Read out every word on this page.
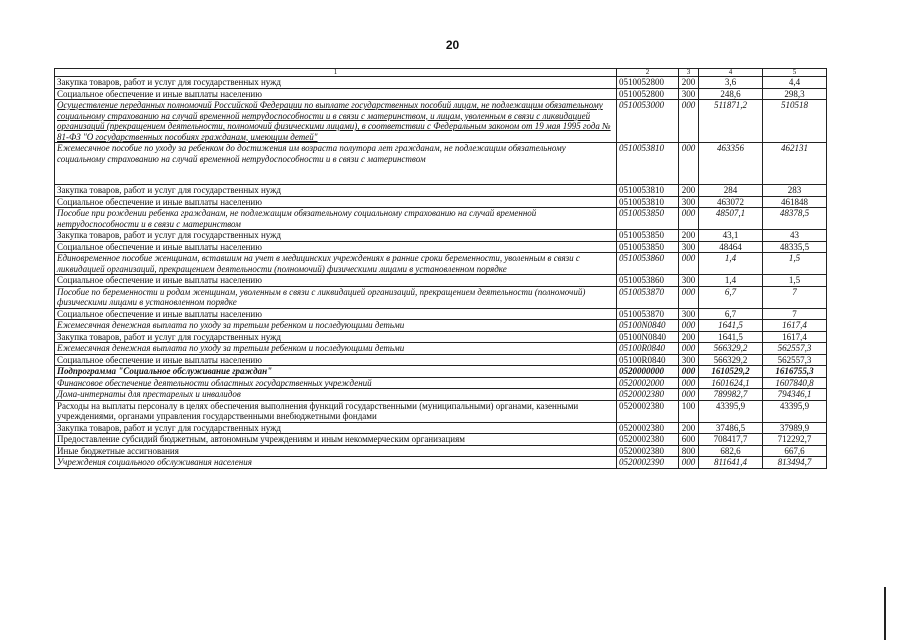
20
1	2	3	4	5
Закупка товаров, работ и услуг для государственных нужд	0510052800	200	3,6	4,4
Социальное обеспечение и иные выплаты населению	0510052800	300	248,6	298,3
Осуществление переданных полномочий Российской Федерации по выплате государственных пособий лицам, не подлежащим обязательному социальному страхованию на случай временной нетрудоспособности и в связи с материнством, и лицам, уволенным в связи с ликвидацией организаций (прекращением деятельности, полномочий физическими лицами), в соответствии с Федеральным законом от 19 мая 1995 года № 81-ФЗ "О государственных пособиях гражданам, имеющим детей"	0510053000	000	511871,2	510518
Ежемесячное пособие по уходу за ребенком до достижения им возраста полутора лет гражданам, не подлежащим обязательному социальному страхованию на случай временной нетрудоспособности и в связи с материнством	0510053810	000	463356	462131
Закупка товаров, работ и услуг для государственных нужд	0510053810	200	284	283
Социальное обеспечение и иные выплаты населению	0510053810	300	463072	461848
Пособие при рождении ребенка гражданам, не подлежащим обязательному социальному страхованию на случай временной нетрудоспособности и в связи с материнством	0510053850	000	48507,1	48378,5
Закупка товаров, работ и услуг для государственных нужд	0510053850	200	43,1	43
Социальное обеспечение и иные выплаты населению	0510053850	300	48464	48335,5
Единовременное пособие женщинам, вставшим на учет в медицинских учреждениях в ранние сроки беременности, уволенным в связи с ликвидацией организаций, прекращением деятельности (полномочий) физическими лицами в установленном порядке	0510053860	000	1,4	1,5
Социальное обеспечение и иные выплаты населению	0510053860	300	1,4	1,5
Пособие по беременности и родам женщинам, уволенным в связи с ликвидацией организаций, прекращением деятельности (полномочий) физическими лицами в установленном порядке	0510053870	000	6,7	7
Социальное обеспечение и иные выплаты населению	0510053870	300	6,7	7
Ежемесячная денежная выплата по уходу за третьим ребенком и последующими детьми	05100N0840	000	1641,5	1617,4
Закупка товаров, работ и услуг для государственных нужд	05100N0840	200	1641,5	1617,4
Ежемесячная денежная выплата по уходу за третьим ребенком и последующими детьми	05100R0840	000	566329,2	562557,3
Социальное обеспечение и иные выплаты населению	05100R0840	300	566329,2	562557,3
Подпрограмма "Социальное обслуживание граждан"	0520000000	000	1610529,2	1616755,3
Финансовое обеспечение деятельности областных государственных учреждений	0520002000	000	1601624,1	1607840,8
Дома-интернаты для престарелых и инвалидов	0520002380	000	789982,7	794346,1
Расходы на выплаты персоналу в целях обеспечения выполнения функций государственными (муниципальными) органами, казенными учреждениями, органами управления государственными внебюджетными фондами	0520002380	100	43395,9	43395,9
Закупка товаров, работ и услуг для государственных нужд	0520002380	200	37486,5	37989,9
Предоставление субсидий бюджетным, автономным учреждениям и иным некоммерческим организациям	0520002380	600	708417,7	712292,7
Иные бюджетные ассигнования	0520002380	800	682,6	667,6
Учреждения социального обслуживания населения	0520002390	000	811641,4	813494,7
